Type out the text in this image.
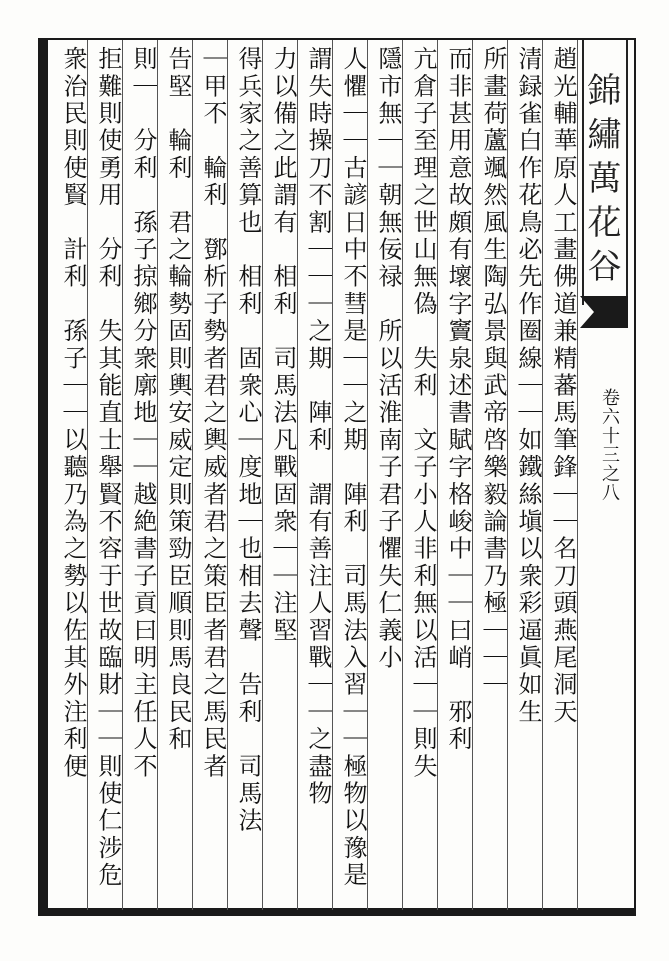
錦繡萬花谷
卷六十三之八
趙光輔華原人工畫佛道兼精蕃馬筆鋒｜｜名刀頭燕尾洞天
清録雀白作花鳥必先作圈線｜｜如鐵絲塡以衆彩逼眞如生
所畫荷蘆颯然風生陶弘景與武帝啓樂毅論書乃極｜｜｜
而非甚用意故頗有壞字竇泉述書賦字格峻中｜｜曰峭　邪利
亢倉子至理之世山無偽　失利　文子小人非利無以活｜｜則失
隱市無｜｜朝無佞禄　所以活淮南子君子懼失仁義小
人懼｜｜古諺日中不彗是｜｜之期　陣利　司馬法入習｜｜極物以豫是
謂失時操刀不割｜｜｜之期　陣利　謂有善注人習戰｜｜之盡物
力以備之此謂有　相利　司馬法凡戰固衆｜｜注堅
得兵家之善算也　相利　固衆心｜度地｜也相去聲　告利　司馬法
｜甲不　輪利　鄧析子勢者君之輿威者君之策臣者君之馬民者
告堅　輪利　君之輪勢固則輿安威定則策勁臣順則馬良民和
則｜　分利　孫子掠鄉分衆廓地｜｜越絶書子貢曰明主任人不
拒難則使勇用　分利　失其能直士舉賢不容于世故臨財｜｜則使仁涉危
衆治民則使賢　計利　孫子｜｜以聽乃為之勢以佐其外注利便
